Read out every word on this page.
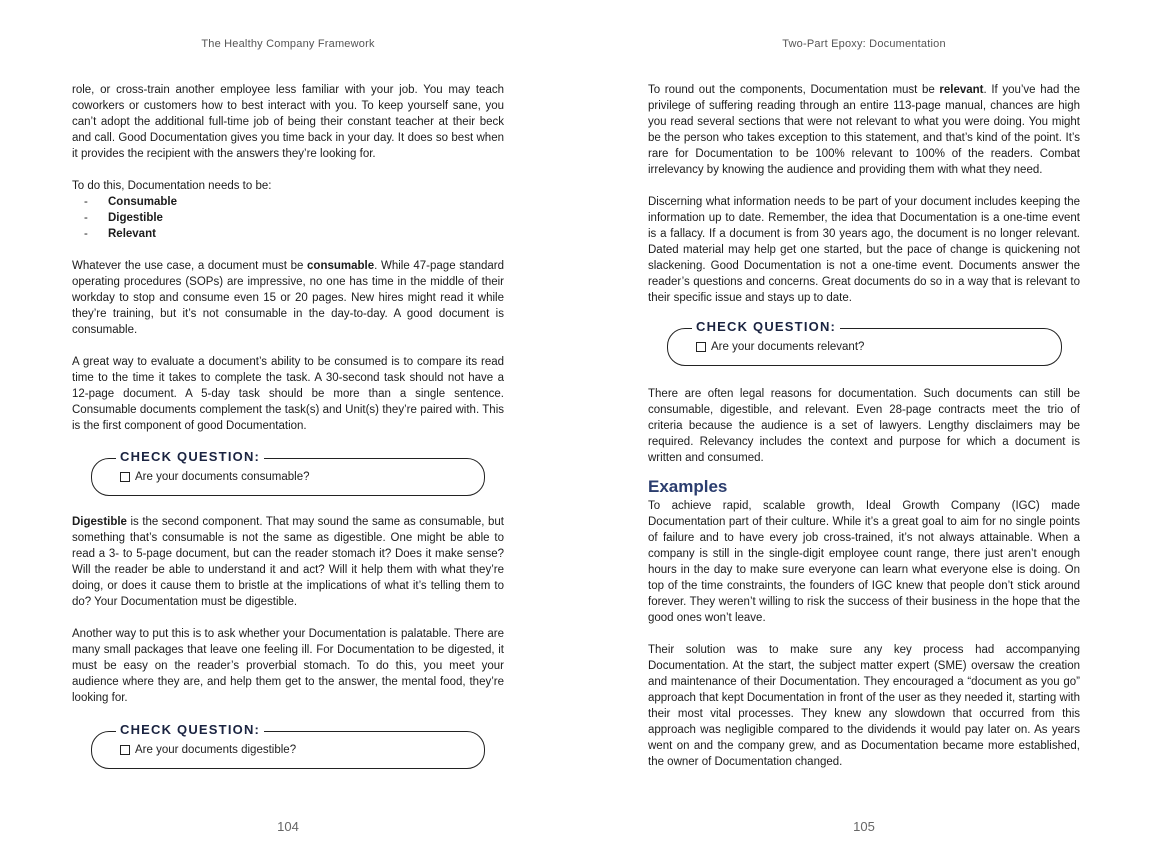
The Healthy Company Framework

role, or cross-train another employee less familiar with your job. You may teach coworkers or customers how to best interact with you. To keep yourself sane, you can’t adopt the additional full-time job of being their constant teacher at their beck and call. Good Documentation gives you time back in your day. It does so best when it provides the recipient with the answers they’re looking for.

To do this, Documentation needs to be:

- Consumable
- Digestible
- Relevant

Whatever the use case, a document must be consumable. While 47-page standard operating procedures (SOPs) are impressive, no one has time in the middle of their workday to stop and consume even 15 or 20 pages. New hires might read it while they’re training, but it’s not consumable in the day-to-day. A good document is consumable.

A great way to evaluate a document’s ability to be consumed is to compare its read time to the time it takes to complete the task. A 30-second task should not have a 12-page document. A 5-day task should be more than a single sentence. Consumable documents complement the task(s) and Unit(s) they’re paired with. This is the first component of good Documentation.

CHECK QUESTION:
Are your documents consumable?

Digestible is the second component. That may sound the same as consumable, but something that’s consumable is not the same as digestible. One might be able to read a 3- to 5-page document, but can the reader stomach it? Does it make sense? Will the reader be able to understand it and act? Will it help them with what they’re doing, or does it cause them to bristle at the implications of what it’s telling them to do? Your Documentation must be digestible.

Another way to put this is to ask whether your Documentation is palatable. There are many small packages that leave one feeling ill. For Documentation to be digested, it must be easy on the reader’s proverbial stomach. To do this, you meet your audience where they are, and help them get to the answer, the mental food, they’re looking for.

CHECK QUESTION:
Are your documents digestible?
104
Two-Part Epoxy: Documentation

To round out the components, Documentation must be relevant. If you’ve had the privilege of suffering reading through an entire 113-page manual, chances are high you read several sections that were not relevant to what you were doing. You might be the person who takes exception to this statement, and that’s kind of the point. It’s rare for Documentation to be 100% relevant to 100% of the readers. Combat irrelevancy by knowing the audience and providing them with what they need.

Discerning what information needs to be part of your document includes keeping the information up to date. Remember, the idea that Documentation is a one-time event is a fallacy. If a document is from 30 years ago, the document is no longer relevant. Dated material may help get one started, but the pace of change is quickening not slackening. Good Documentation is not a one-time event. Documents answer the reader’s questions and concerns. Great documents do so in a way that is relevant to their specific issue and stays up to date.

CHECK QUESTION:
Are your documents relevant?

There are often legal reasons for documentation. Such documents can still be consumable, digestible, and relevant. Even 28-page contracts meet the trio of criteria because the audience is a set of lawyers. Lengthy disclaimers may be required. Relevancy includes the context and purpose for which a document is written and consumed.

Examples

To achieve rapid, scalable growth, Ideal Growth Company (IGC) made Documentation part of their culture. While it’s a great goal to aim for no single points of failure and to have every job cross-trained, it’s not always attainable. When a company is still in the single-digit employee count range, there just aren’t enough hours in the day to make sure everyone can learn what everyone else is doing. On top of the time constraints, the founders of IGC knew that people don’t stick around forever. They weren’t willing to risk the success of their business in the hope that the good ones won’t leave.

Their solution was to make sure any key process had accompanying Documentation. At the start, the subject matter expert (SME) oversaw the creation and maintenance of their Documentation. They encouraged a “document as you go” approach that kept Documentation in front of the user as they needed it, starting with their most vital processes. They knew any slowdown that occurred from this approach was negligible compared to the dividends it would pay later on. As years went on and the company grew, and as Documentation became more established, the owner of Documentation changed.

105
